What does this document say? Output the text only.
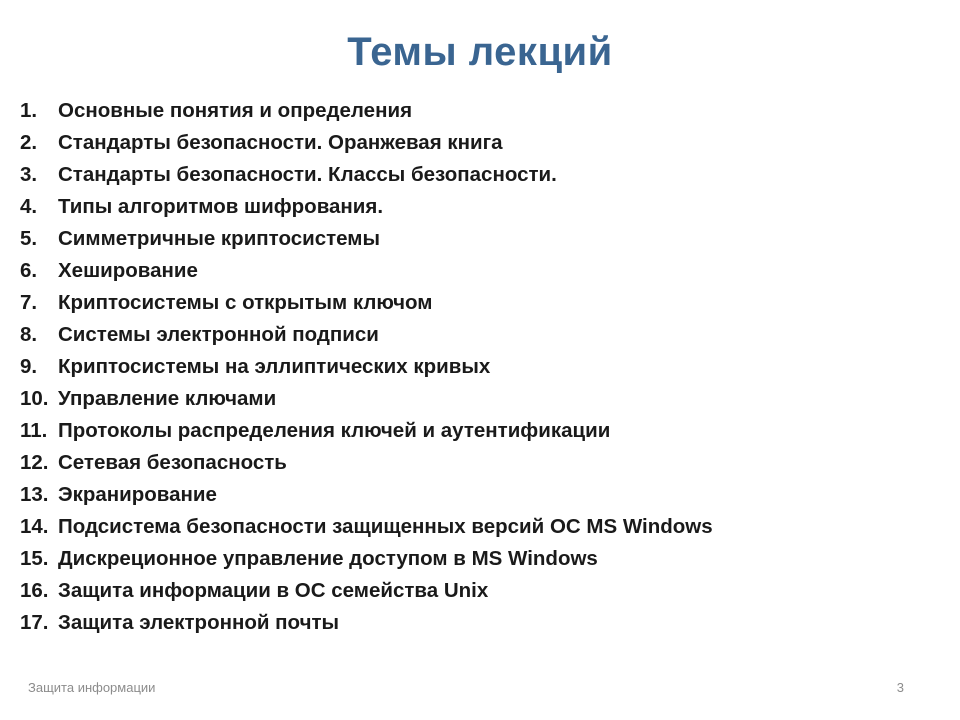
Темы лекций
1.	Основные понятия и определения
2.	Стандарты безопасности. Оранжевая книга
3.	Стандарты безопасности. Классы безопасности.
4.	Типы алгоритмов шифрования.
5.	Симметричные криптосистемы
6.	Хеширование
7.	Криптосистемы с открытым ключом
8.	Системы электронной подписи
9.	Криптосистемы на эллиптических кривых
10. Управление ключами
11. Протоколы распределения ключей и аутентификации
12. Сетевая безопасность
13. Экранирование
14. Подсистема безопасности защищенных версий ОС MS Windows
15. Дискреционное управление доступом в MS Windows
16. Защита информации в ОС семейства Unix
17. Защита электронной почты
Защита информации	3
